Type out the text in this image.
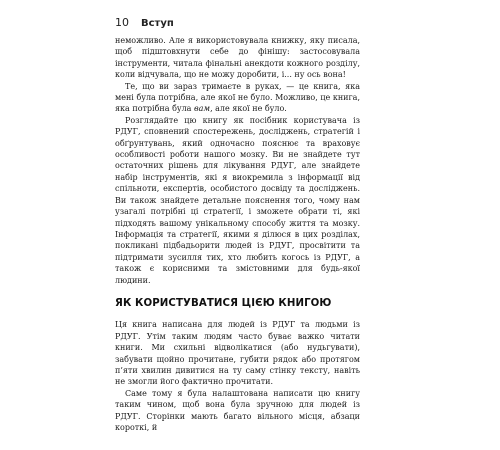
10 Вступ

неможливо. Але я використовувала книжку, яку писала, щоб підштовхнути себе до фінішу: застосовувала інструменти, читала фінальні анекдоти кожного розділу, коли відчувала, що не можу доробити, і... ну ось вона!

Те, що ви зараз тримаєте в руках, — це книга, яка мені була потрібна, але якої не було. Можливо, це книга, яка потрібна була вам, але якої не було.

Розглядайте цю книгу як посібник користувача із РДУГ, сповнений спостережень, досліджень, стратегій і обґрунтувань, який одночасно пояснює та враховує особливості роботи нашого мозку. Ви не знайдете тут остаточних рішень для лікування РДУГ, але знайдете набір інструментів, які я виокремила з інформації від спільноти, експертів, особистого досвіду та досліджень. Ви також знайдете детальне пояснення того, чому нам узагалі потрібні ці стратегії, і зможете обрати ті, які підходять вашому унікальному способу життя та мозку. Інформація та стратегії, якими я ділюся в цих розділах, покликані підбадьорити людей із РДУГ, просвітити та підтримати зусилля тих, хто любить когось із РДУГ, а також є корисними та змістовними для будь-якої людини.

ЯК КОРИСТУВАТИСЯ ЦІЄЮ КНИГОЮ

Ця книга написана для людей із РДУГ та людьми із РДУГ. Утім таким людям часто буває важко читати книги. Ми схильні відволікатися (або нудьгувати), забувати щойно прочитане, губити рядок або протягом п’яти хвилин дивитися на ту саму стінку тексту, навіть не змогли його фактично прочитати.

Саме тому я була налаштована написати цю книгу таким чином, щоб вона була зручною для людей із РДУГ. Сторінки мають багато вільного місця, абзаци короткі, й
